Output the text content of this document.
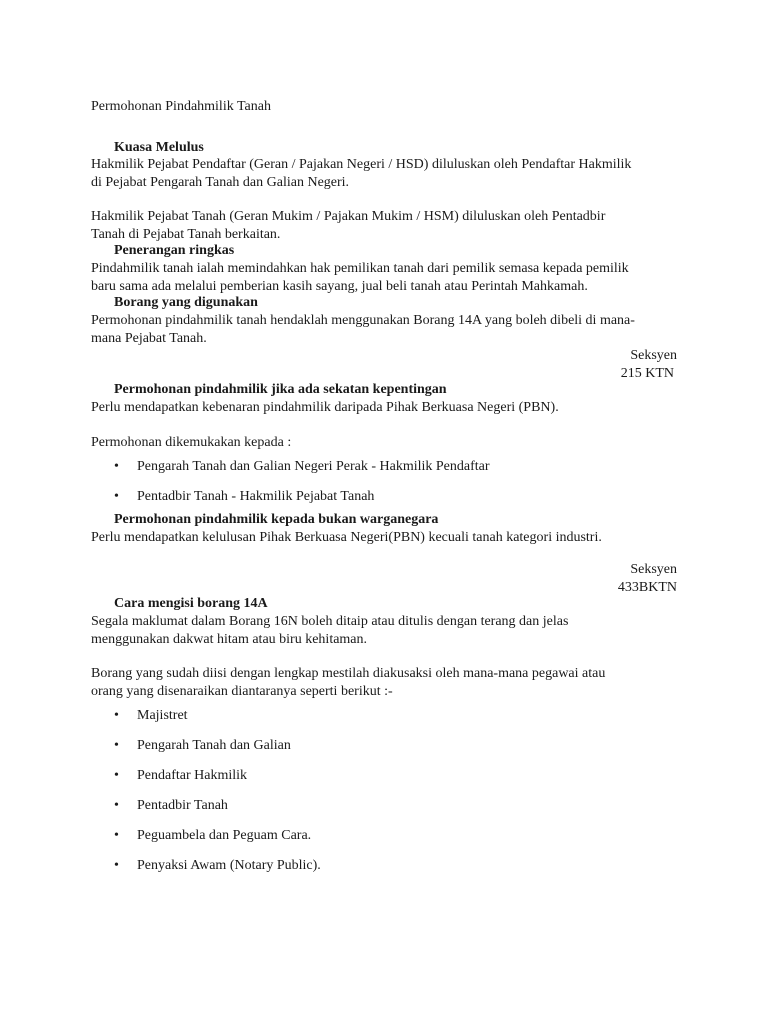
Permohonan Pindahmilik Tanah
Kuasa Melulus
Hakmilik Pejabat Pendaftar (Geran / Pajakan Negeri / HSD) diluluskan oleh Pendaftar Hakmilik
di Pejabat Pengarah Tanah dan Galian Negeri.
Hakmilik Pejabat Tanah (Geran Mukim / Pajakan Mukim / HSM) diluluskan oleh Pentadbir
Tanah di Pejabat Tanah berkaitan.
Penerangan ringkas
Pindahmilik tanah ialah memindahkan hak pemilikan tanah dari pemilik semasa kepada pemilik
baru sama ada melalui pemberian kasih sayang, jual beli tanah atau Perintah Mahkamah.
Borang yang digunakan
Permohonan pindahmilik tanah hendaklah menggunakan Borang 14A yang boleh dibeli di mana-
mana Pejabat Tanah.
Seksyen
215 KTN
Permohonan pindahmilik jika ada sekatan kepentingan
Perlu mendapatkan kebenaran pindahmilik daripada Pihak Berkuasa Negeri (PBN).
Permohonan dikemukakan kepada :
•	Pengarah Tanah dan Galian Negeri Perak - Hakmilik Pendaftar
•	Pentadbir Tanah - Hakmilik Pejabat Tanah
Permohonan pindahmilik kepada bukan warganegara
Perlu mendapatkan kelulusan Pihak Berkuasa Negeri(PBN) kecuali tanah kategori industri.
Seksyen
433BKTN
Cara mengisi borang 14A
Segala maklumat dalam Borang 16N boleh ditaip atau ditulis dengan terang dan jelas
menggunakan dakwat hitam atau biru kehitaman.
Borang yang sudah diisi dengan lengkap mestilah diakusaksi oleh mana-mana pegawai atau
orang yang disenaraikan diantaranya seperti berikut :-
•	Majistret
•	Pengarah Tanah dan Galian
•	Pendaftar Hakmilik
•	Pentadbir Tanah
•	Peguambela dan Peguam Cara.
•	Penyaksi Awam (Notary Public).
